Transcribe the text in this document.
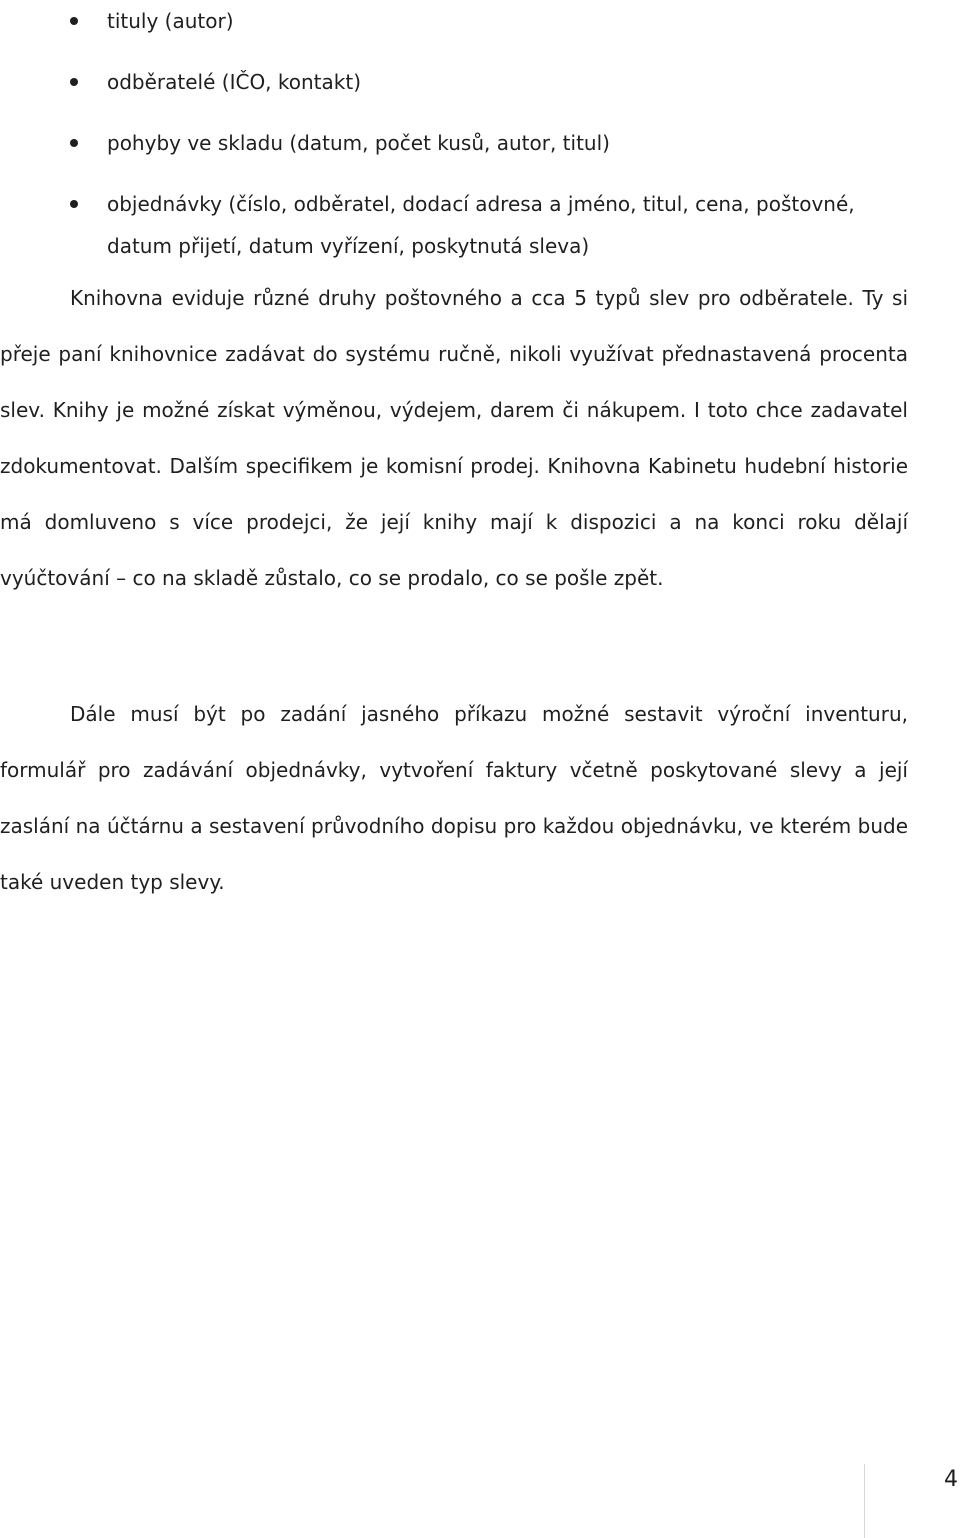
tituly (autor)
odběratelé (IČO, kontakt)
pohyby ve skladu (datum, počet kusů, autor, titul)
objednávky (číslo, odběratel, dodací adresa a jméno, titul, cena, poštovné, datum přijetí, datum vyřízení, poskytnutá sleva)

Knihovna eviduje různé druhy poštovného a cca 5 typů slev pro odběratele. Ty si přeje paní knihovnice zadávat do systému ručně, nikoli využívat přednastavená procenta slev. Knihy je možné získat výměnou, výdejem, darem či nákupem. I toto chce zadavatel zdokumentovat. Dalším specifikem je komisní prodej. Knihovna Kabinetu hudební historie má domluveno s více prodejci, že její knihy mají k dispozici a na konci roku dělají vyúčtování – co na skladě zůstalo, co se prodalo, co se pošle zpět.

Dále musí být po zadání jasného příkazu možné sestavit výroční inventuru, formulář pro zadávání objednávky, vytvoření faktury včetně poskytované slevy a její zaslání na účtárnu a sestavení průvodního dopisu pro každou objednávku, ve kterém bude také uveden typ slevy.

4
